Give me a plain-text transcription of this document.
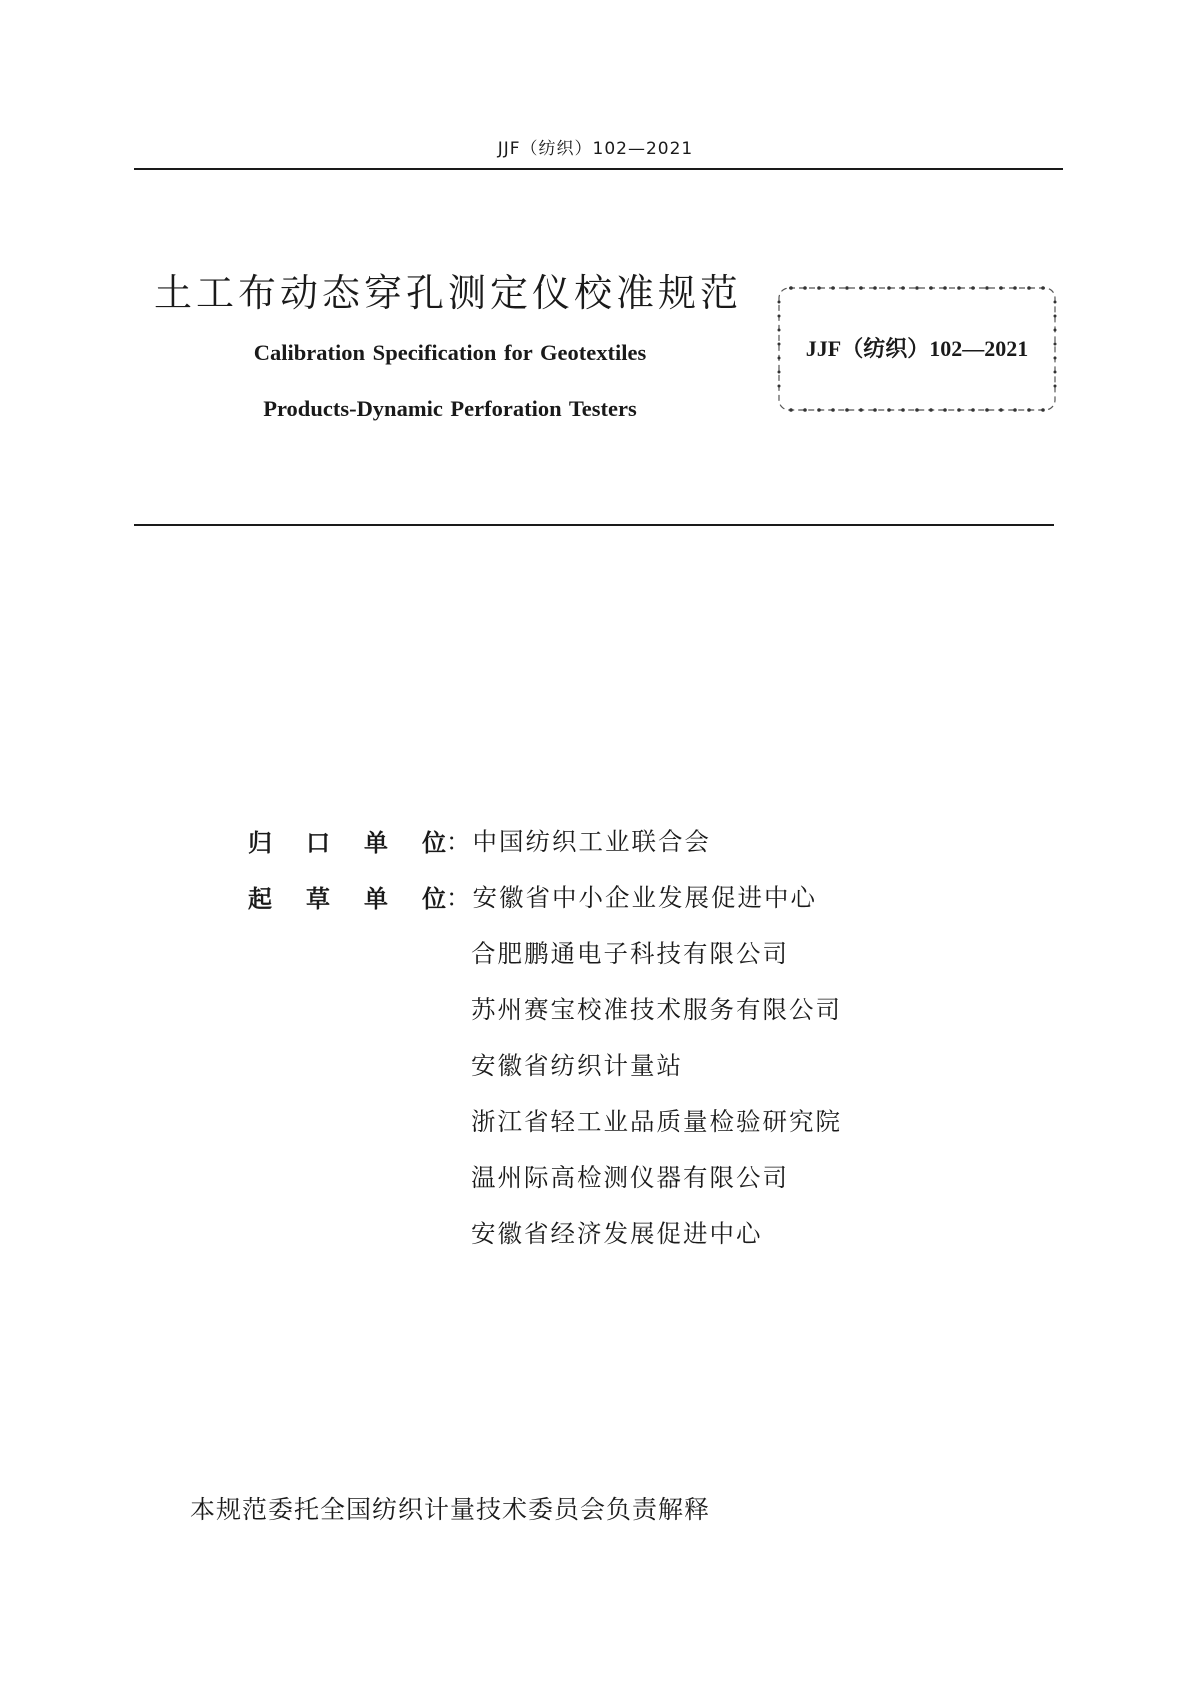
JJF（纺织）102—2021
土工布动态穿孔测定仪校准规范
Calibration Specification for Geotextiles
Products-Dynamic Perforation Testers
JJF（纺织）102—2021
归 口 单 位 ：中国纺织工业联合会
起 草 单 位 ：安徽省中小企业发展促进中心
合肥鹏通电子科技有限公司
苏州赛宝校准技术服务有限公司
安徽省纺织计量站
浙江省轻工业品质量检验研究院
温州际高检测仪器有限公司
安徽省经济发展促进中心
本规范委托全国纺织计量技术委员会负责解释
